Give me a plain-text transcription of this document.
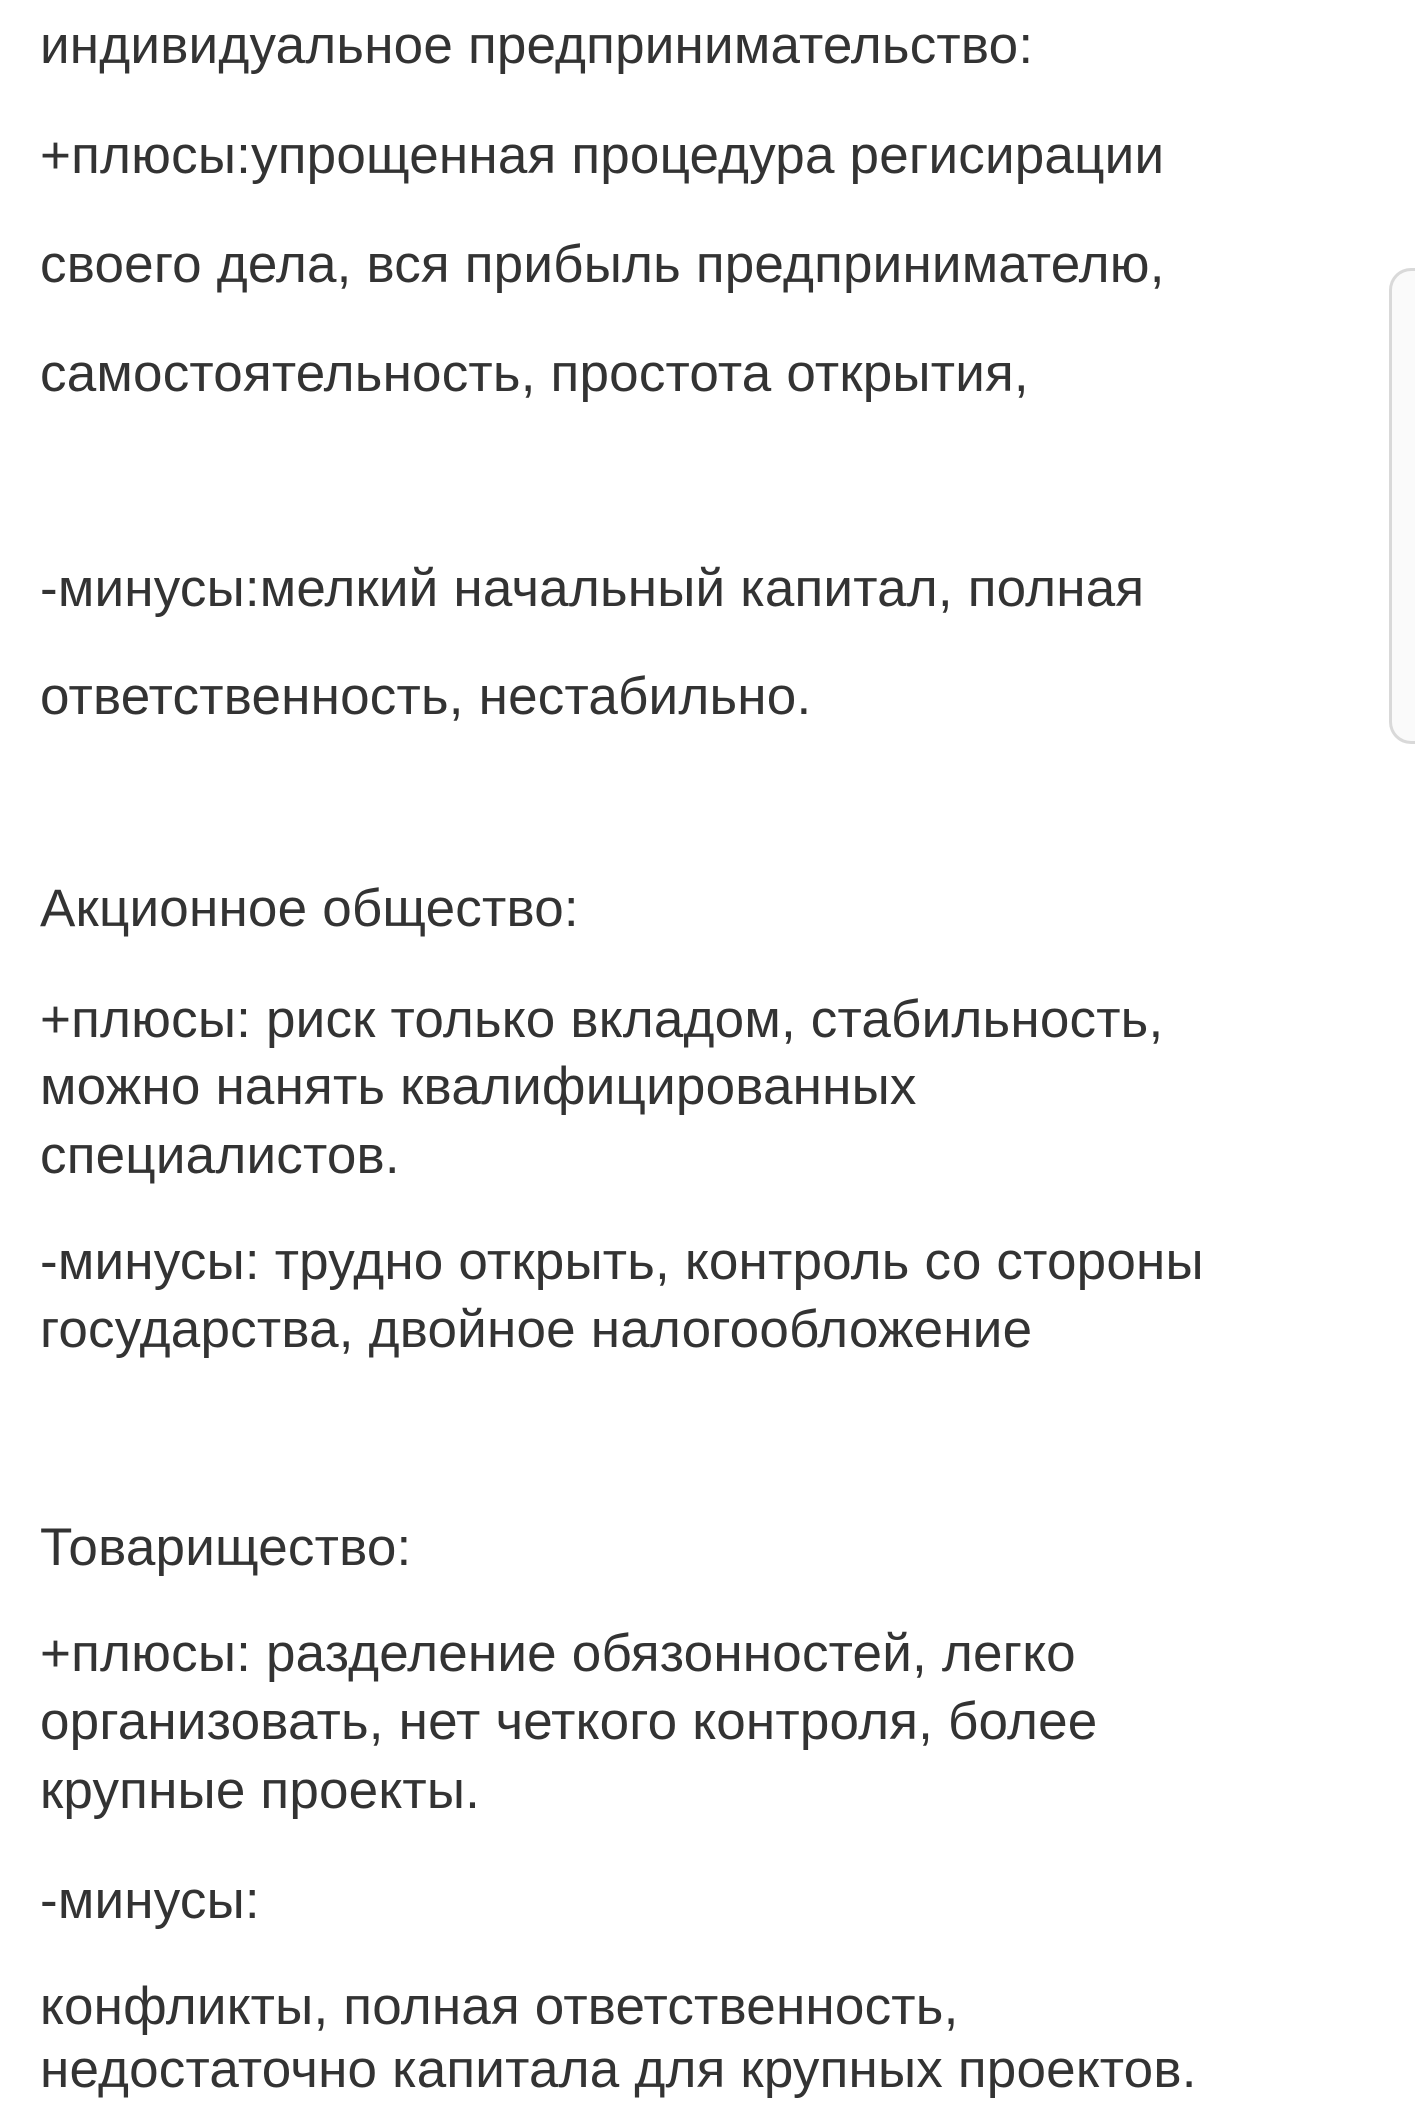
индивидуальное предпринимательство:
+плюсы:упрощенная процедура регисирации
своего дела, вся прибыль предпринимателю,
самостоятельность, простота открытия,
-минусы:мелкий начальный капитал, полная
ответственность, нестабильно.
Акционное общество:
+плюсы: риск только вкладом, стабильность,
можно нанять квалифицированных
специалистов.
-минусы: трудно открыть, контроль со стороны
государства, двойное налогообложение
Товарищество:
+плюсы: разделение обязонностей, легко
организовать, нет четкого контроля, более
крупные проекты.
-минусы:
конфликты, полная ответственность,
недостаточно капитала для крупных проектов.
